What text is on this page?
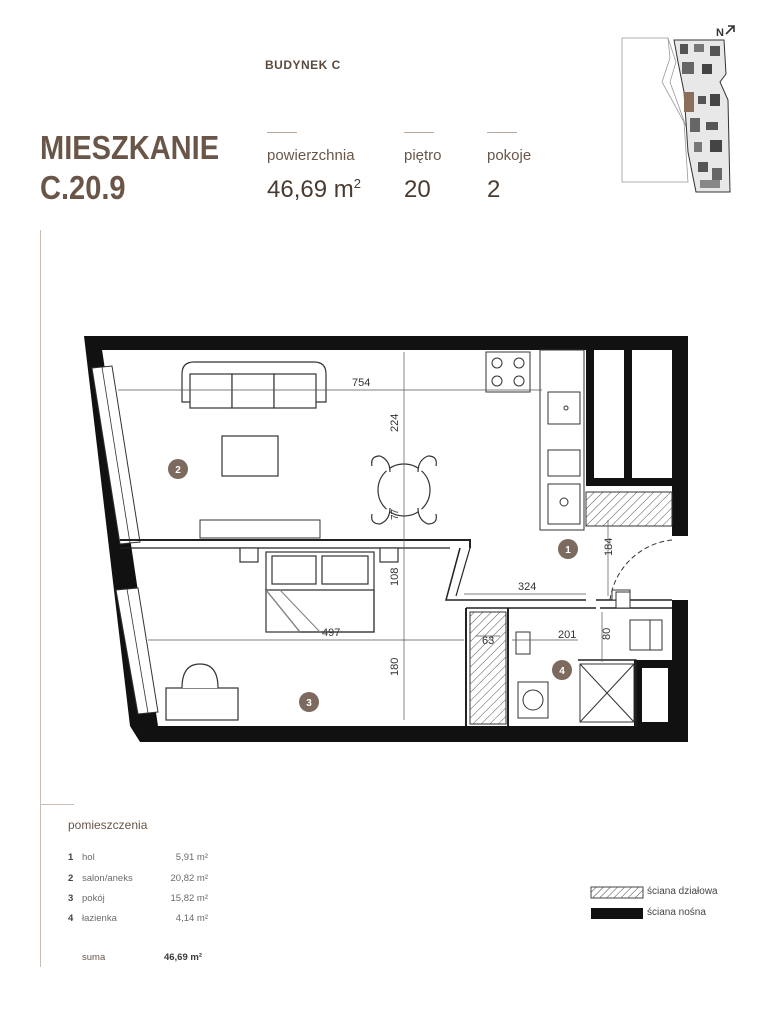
BUDYNEK C
MIESZKANIE
C.20.9
powierzchnia
46,69 $m^2$
piętro
20
pokoje
2
N
754
224
77
184
324
108
497
180
63	201 80
2
1
3
4
pomieszczenia
1 hol	5,91 m²
2 salon/aneks	20,82 m²
3 pokój	15,82 m²
4 łazienka	4,14 m²
suma	46,69 m²
ściana działowa
ściana nośna
